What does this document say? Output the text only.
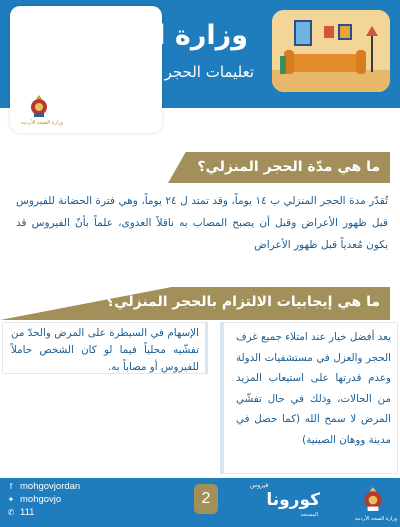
وزارة الصحة الأردنية
وزارة الصحة
تعليمات الحجر المنزلي
ما هي مدّة الحجر المنزلي؟
تُقدّر مدة الحجر المنزلي ب ١٤ يوماً، وقد تمتد ل ٢٤ يوماً، وهي فترة الحضانة للفيروس قبل ظهور الأعراض وقبل أن يصبح المصاب به ناقلاً العدوى، علماً بأنّ الفيروس قد يكون مُعدياً قبل ظهور الأعراض
ما هي إيجابيات الالتزام بالحجر المنزلي؟
يعد أفضل خيار عند امتلاء جميع غرف الحجر والعزل في مستشفيات الدولة وعدم قدرتها على استيعاب المزيد من الحالات، وذلك في حال تفشّي المرض لا سمح الله (كما حصل في مدينة ووهان الصينية)
الإسهام في السيطرة على المرض والحدّ من تفشّيه محلياً فيما لو كان الشخص حاملاً للفيروس أو مصاباً به.
f mohgovjordan
✦ mohgovjo
✆ 111
2	كورونا
فيروس
المستجد
وزارة الصحة الأردنية
